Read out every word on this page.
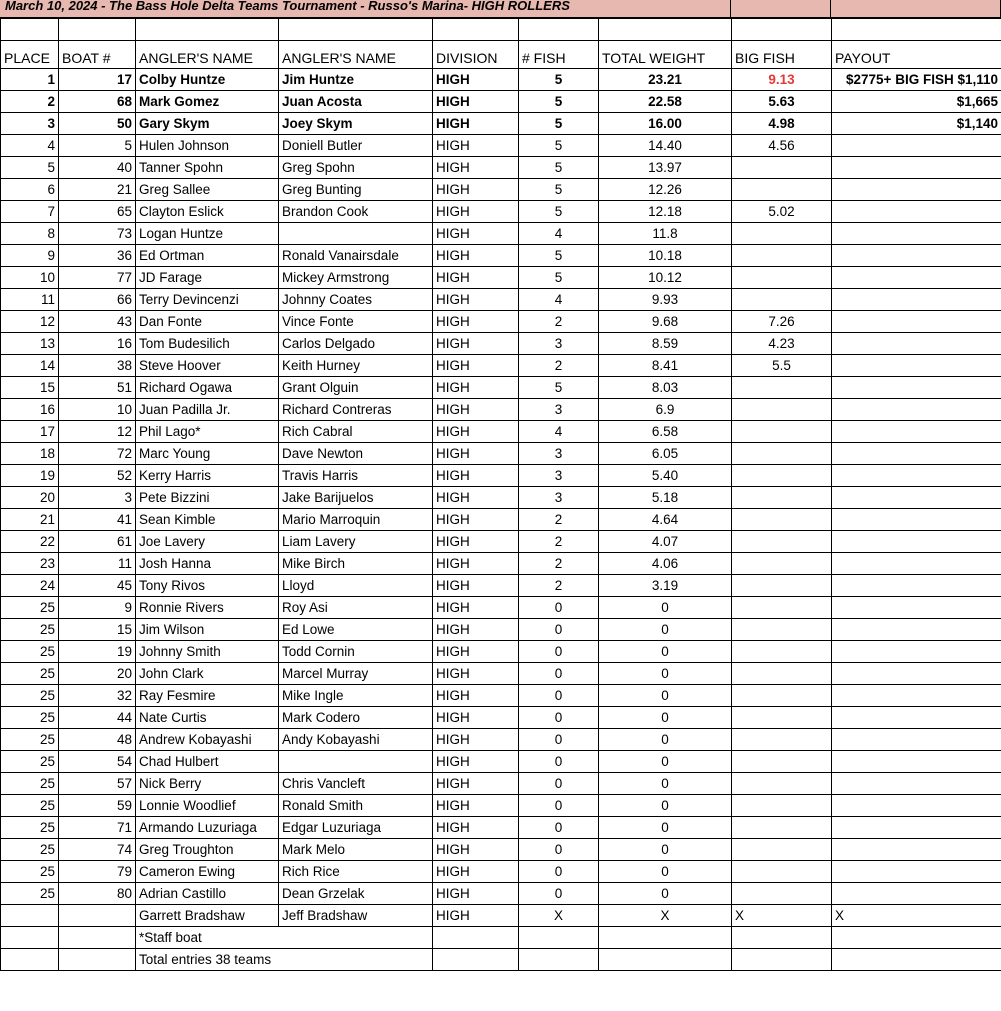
March 10, 2024 - The Bass Hole Delta Teams Tournament - Russo's Marina- HIGH ROLLERS

PLACE	BOAT #	ANGLER'S NAME	ANGLER'S NAME	DIVISION	# FISH	TOTAL WEIGHT	BIG FISH	PAYOUT
1	17	Colby Huntze	Jim Huntze	HIGH	5	23.21	9.13	$2775+ BIG FISH $1,110
2	68	Mark Gomez	Juan Acosta	HIGH	5	22.58	5.63	$1,665
3	50	Gary Skym	Joey Skym	HIGH	5	16.00	4.98	$1,140
4	5	Hulen Johnson	Doniell Butler	HIGH	5	14.40	4.56	
5	40	Tanner Spohn	Greg Spohn	HIGH	5	13.97		
6	21	Greg Sallee	Greg Bunting	HIGH	5	12.26		
7	65	Clayton Eslick	Brandon Cook	HIGH	5	12.18	5.02	
8	73	Logan Huntze		HIGH	4	11.8		
9	36	Ed Ortman	Ronald Vanairsdale	HIGH	5	10.18		
10	77	JD Farage	Mickey Armstrong	HIGH	5	10.12		
11	66	Terry Devincenzi	Johnny Coates	HIGH	4	9.93		
12	43	Dan Fonte	Vince Fonte	HIGH	2	9.68	7.26	
13	16	Tom Budesilich	Carlos Delgado	HIGH	3	8.59	4.23	
14	38	Steve Hoover	Keith Hurney	HIGH	2	8.41	5.5	
15	51	Richard Ogawa	Grant Olguin	HIGH	5	8.03		
16	10	Juan Padilla Jr.	Richard Contreras	HIGH	3	6.9		
17	12	Phil Lago*	Rich Cabral	HIGH	4	6.58		
18	72	Marc Young	Dave Newton	HIGH	3	6.05		
19	52	Kerry Harris	Travis Harris	HIGH	3	5.40		
20	3	Pete Bizzini	Jake Barijuelos	HIGH	3	5.18		
21	41	Sean Kimble	Mario Marroquin	HIGH	2	4.64		
22	61	Joe Lavery	Liam Lavery	HIGH	2	4.07		
23	11	Josh Hanna	Mike Birch	HIGH	2	4.06		
24	45	Tony Rivos	Lloyd	HIGH	2	3.19		
25	9	Ronnie Rivers	Roy Asi	HIGH	0	0		
25	15	Jim Wilson	Ed Lowe	HIGH	0	0		
25	19	Johnny Smith	Todd Cornin	HIGH	0	0		
25	20	John Clark	Marcel Murray	HIGH	0	0		
25	32	Ray Fesmire	Mike Ingle	HIGH	0	0		
25	44	Nate Curtis	Mark Codero	HIGH	0	0		
25	48	Andrew Kobayashi	Andy Kobayashi	HIGH	0	0		
25	54	Chad Hulbert		HIGH	0	0		
25	57	Nick Berry	Chris Vancleft	HIGH	0	0		
25	59	Lonnie Woodlief	Ronald Smith	HIGH	0	0		
25	71	Armando Luzuriaga	Edgar Luzuriaga	HIGH	0	0		
25	74	Greg Troughton	Mark Melo	HIGH	0	0		
25	79	Cameron Ewing	Rich Rice	HIGH	0	0		
25	80	Adrian Castillo	Dean Grzelak	HIGH	0	0		
		Garrett Bradshaw	Jeff Bradshaw	HIGH	X	X	X	X
		*Staff boat						
		Total entries 38 teams						
